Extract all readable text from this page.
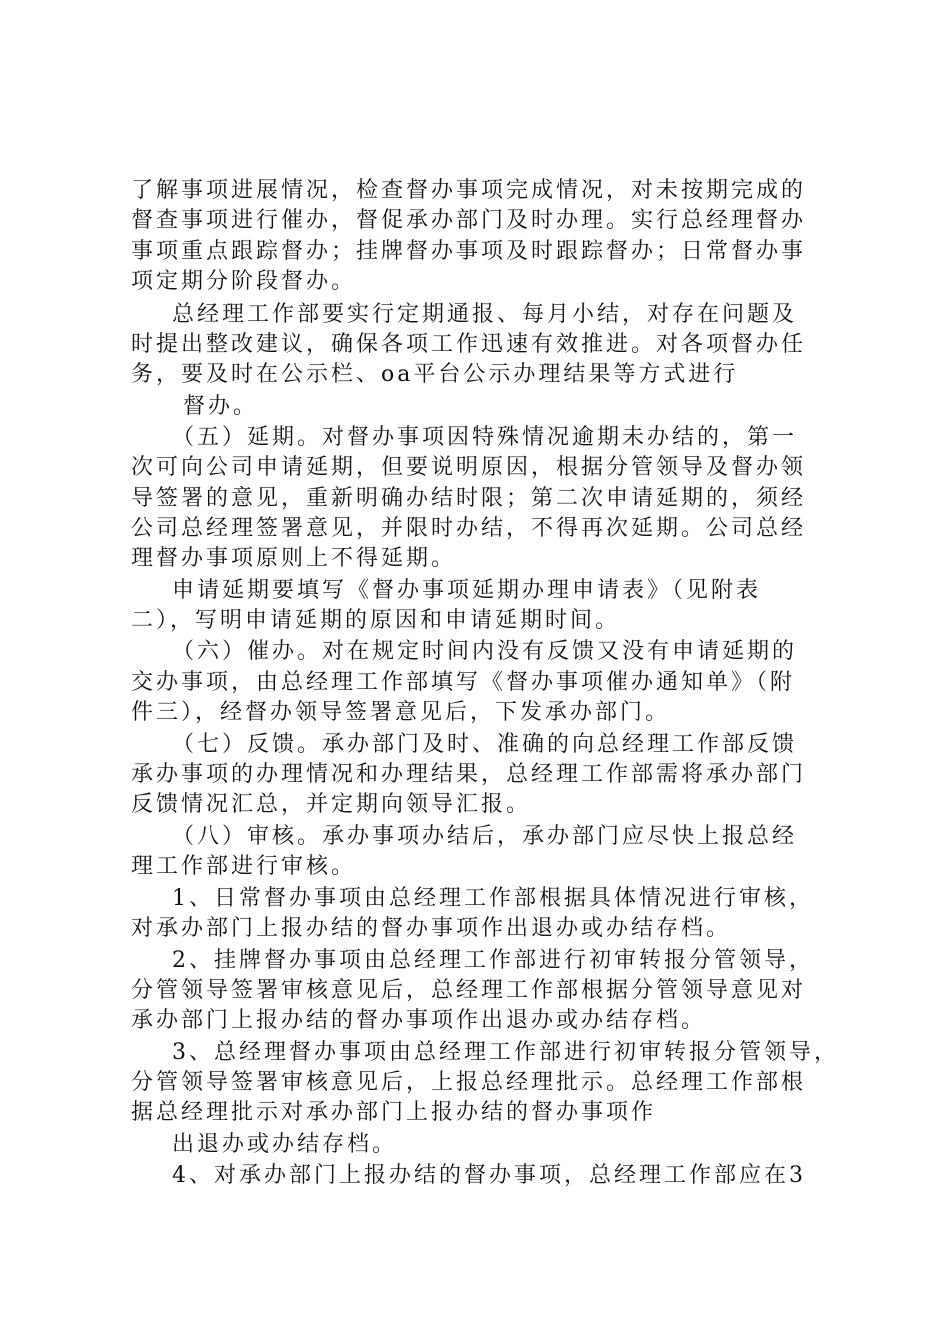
了解事项进展情况，检查督办事项完成情况，对未按期完成的

督查事项进行催办，督促承办部门及时办理。实行总经理督办

事项重点跟踪督办；挂牌督办事项及时跟踪督办；日常督办事

项定期分阶段督办。

总经理工作部要实行定期通报、每月小结，对存在问题及

时提出整改建议，确保各项工作迅速有效推进。对各项督办任

务，要及时在公示栏、oa平台公示办理结果等方式进行

督办。

（五）延期。对督办事项因特殊情况逾期未办结的，第一

次可向公司申请延期，但要说明原因，根据分管领导及督办领

导签署的意见，重新明确办结时限；第二次申请延期的，须经

公司总经理签署意见，并限时办结，不得再次延期。公司总经

理督办事项原则上不得延期。

申请延期要填写《督办事项延期办理申请表》（见附表

二），写明申请延期的原因和申请延期时间。

（六）催办。对在规定时间内没有反馈又没有申请延期的

交办事项，由总经理工作部填写《督办事项催办通知单》（附

件三），经督办领导签署意见后，下发承办部门。

（七）反馈。承办部门及时、准确的向总经理工作部反馈

承办事项的办理情况和办理结果，总经理工作部需将承办部门

反馈情况汇总，并定期向领导汇报。

（八）审核。承办事项办结后，承办部门应尽快上报总经

理工作部进行审核。

1、日常督办事项由总经理工作部根据具体情况进行审核，

对承办部门上报办结的督办事项作出退办或办结存档。

2、挂牌督办事项由总经理工作部进行初审转报分管领导，

分管领导签署审核意见后，总经理工作部根据分管领导意见对

承办部门上报办结的督办事项作出退办或办结存档。

3、总经理督办事项由总经理工作部进行初审转报分管领导，

分管领导签署审核意见后，上报总经理批示。总经理工作部根

据总经理批示对承办部门上报办结的督办事项作

出退办或办结存档。

4、对承办部门上报办结的督办事项，总经理工作部应在3
